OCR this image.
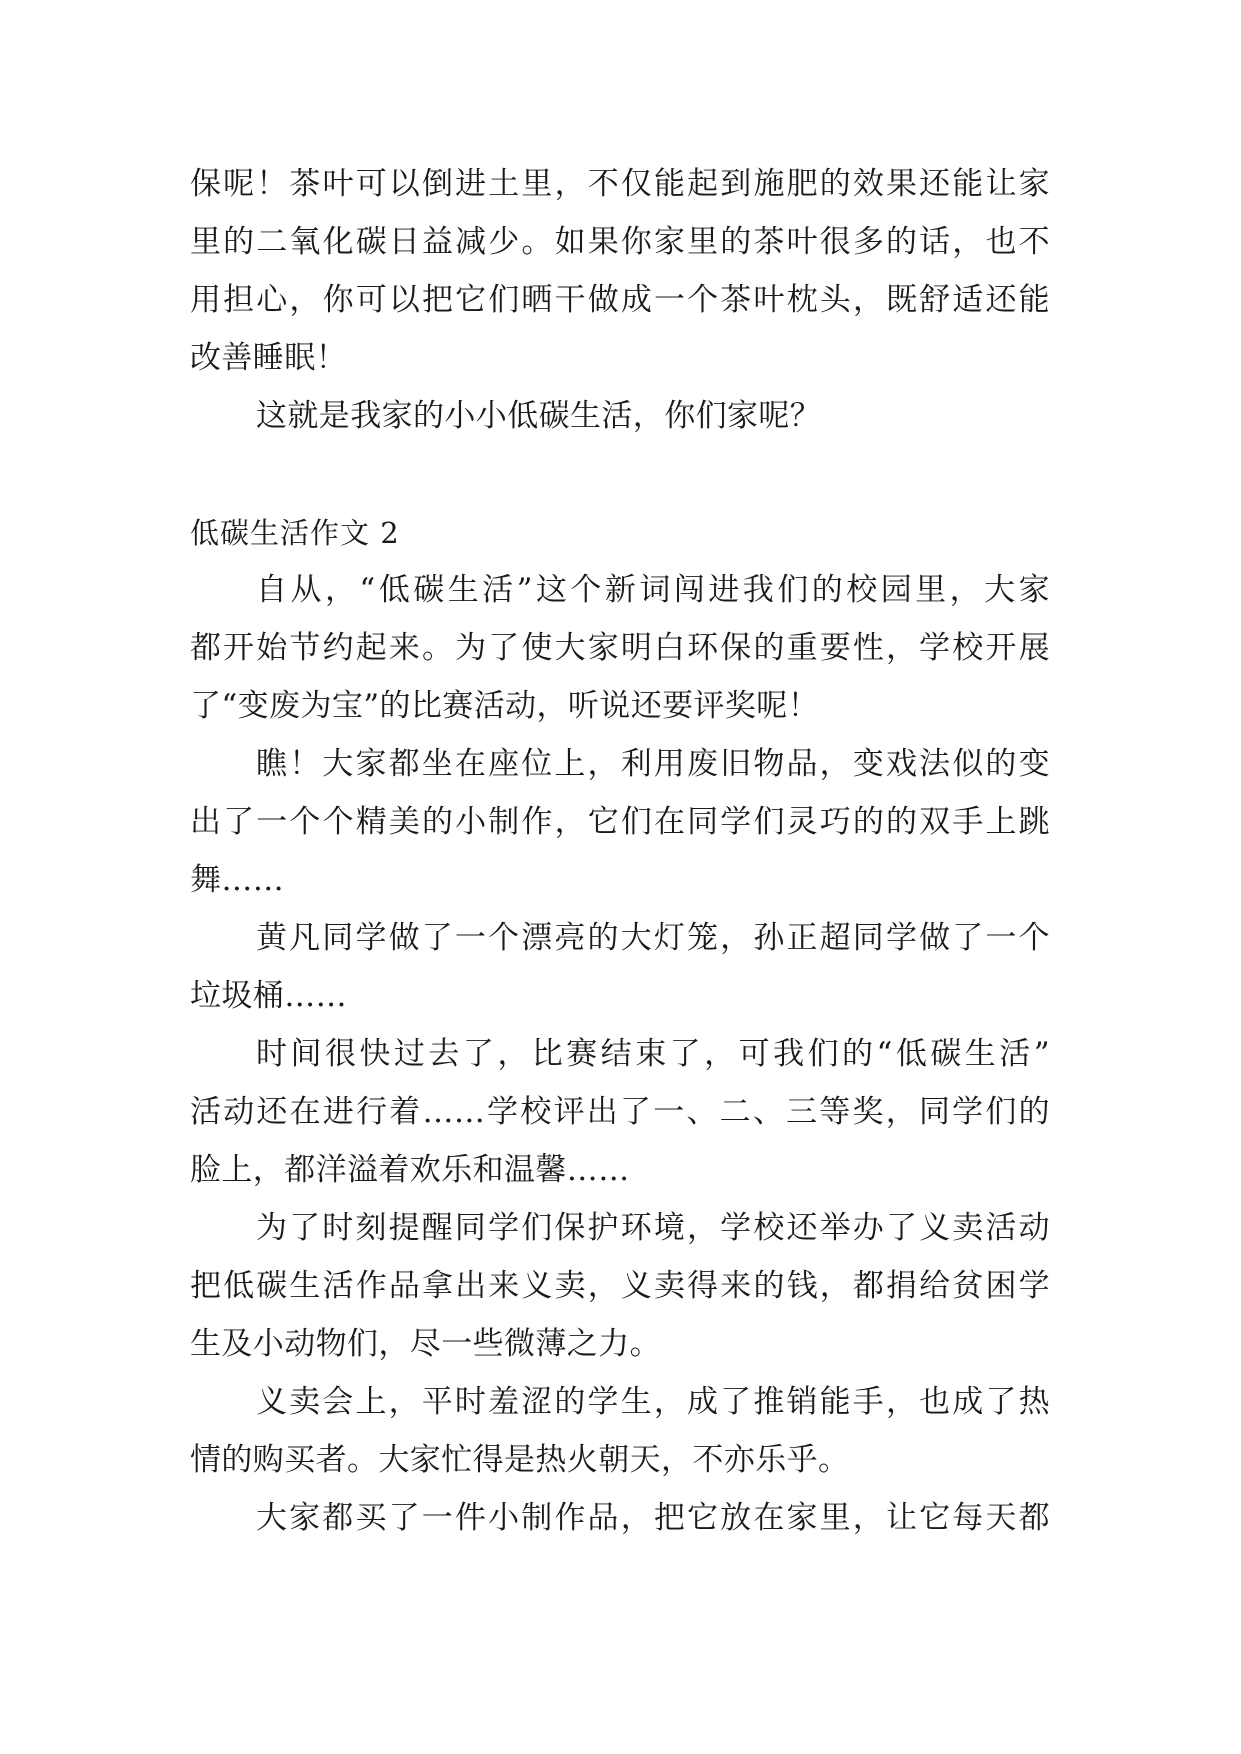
保呢！茶叶可以倒进土里，不仅能起到施肥的效果还能让家
里的二氧化碳日益减少。如果你家里的茶叶很多的话，也不
用担心，你可以把它们晒干做成一个茶叶枕头，既舒适还能
改善睡眠！
这就是我家的小小低碳生活，你们家呢？
低碳生活作文 2
自从，“低碳生活”这个新词闯进我们的校园里，大家
都开始节约起来。为了使大家明白环保的重要性，学校开展
了“变废为宝”的比赛活动，听说还要评奖呢！
瞧！大家都坐在座位上，利用废旧物品，变戏法似的变
出了一个个精美的小制作，它们在同学们灵巧的的双手上跳
舞……
黄凡同学做了一个漂亮的大灯笼，孙正超同学做了一个
垃圾桶……
时间很快过去了，比赛结束了，可我们的“低碳生活”
活动还在进行着……学校评出了一、二、三等奖，同学们的
脸上，都洋溢着欢乐和温馨……
为了时刻提醒同学们保护环境，学校还举办了义卖活动
把低碳生活作品拿出来义卖，义卖得来的钱，都捐给贫困学
生及小动物们，尽一些微薄之力。
义卖会上，平时羞涩的学生，成了推销能手，也成了热
情的购买者。大家忙得是热火朝天，不亦乐乎。
大家都买了一件小制作品，把它放在家里，让它每天都
